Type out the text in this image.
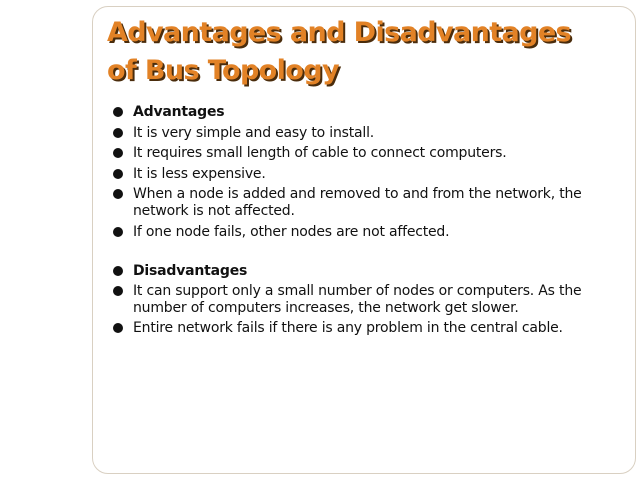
Advantages and Disadvantages
of Bus Topology
Advantages
It is very simple and easy to install.
It requires small length of cable to connect computers.
It is less expensive.
When a node is added and removed to and from the network, the network is not affected.
If one node fails, other nodes are not affected.
Disadvantages
It can support only a small number of nodes or computers. As the number of computers increases, the network get slower.
Entire network fails if there is any problem in the central cable.
